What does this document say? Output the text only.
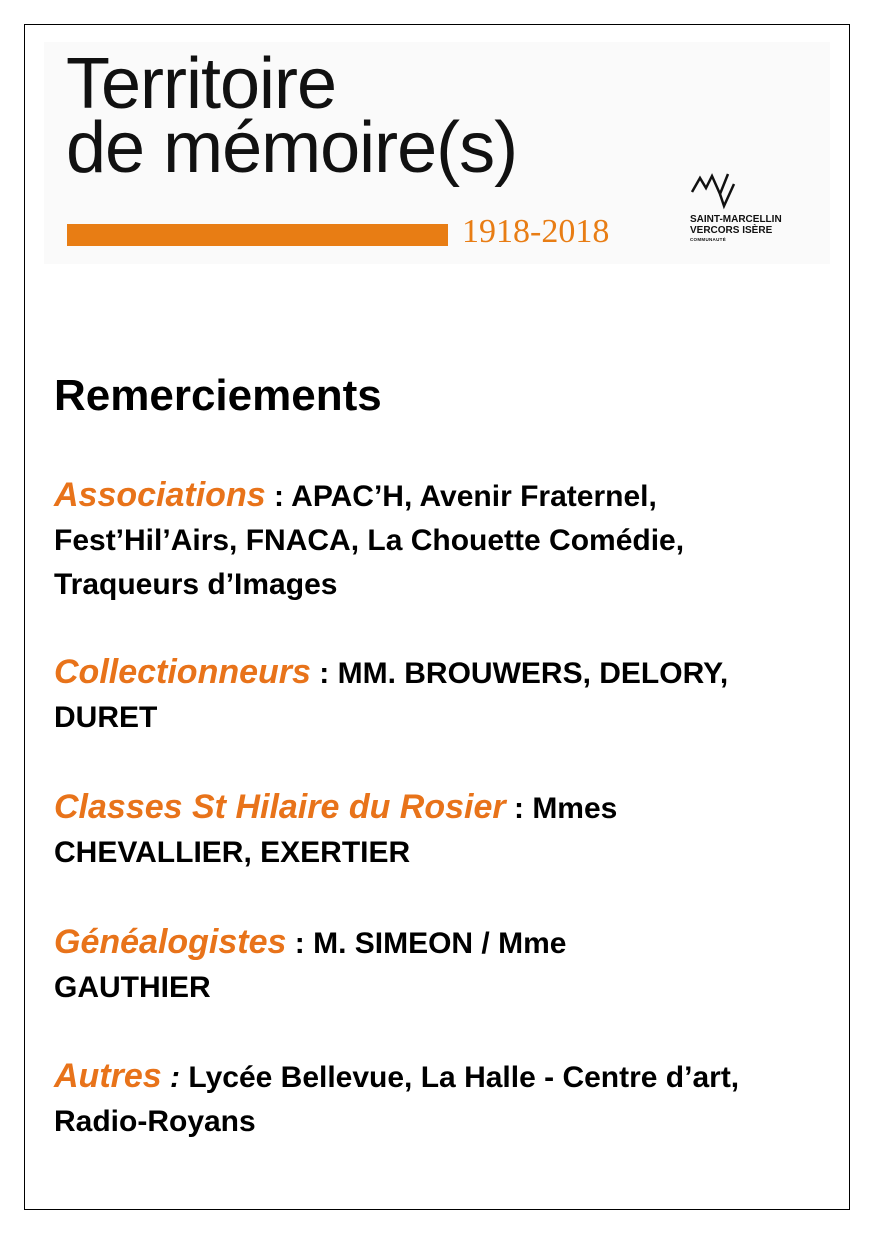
Territoire
de mémoire(s)
1918-2018	SAINT-MARCELLIN
VERCORS ISÈRE
COMMUNAUTÉ
Remerciements

Associations : APAC’H, Avenir Fraternel, Fest’Hil’Airs, FNACA, La Chouette Comédie, Traqueurs d’Images

Collectionneurs : MM. BROUWERS, DELORY, DURET

Classes St Hilaire du Rosier : Mmes CHEVALLIER, EXERTIER

Généalogistes : M. SIMEON / Mme GAUTHIER

Autres : Lycée Bellevue, La Halle - Centre d’art, Radio-Royans
